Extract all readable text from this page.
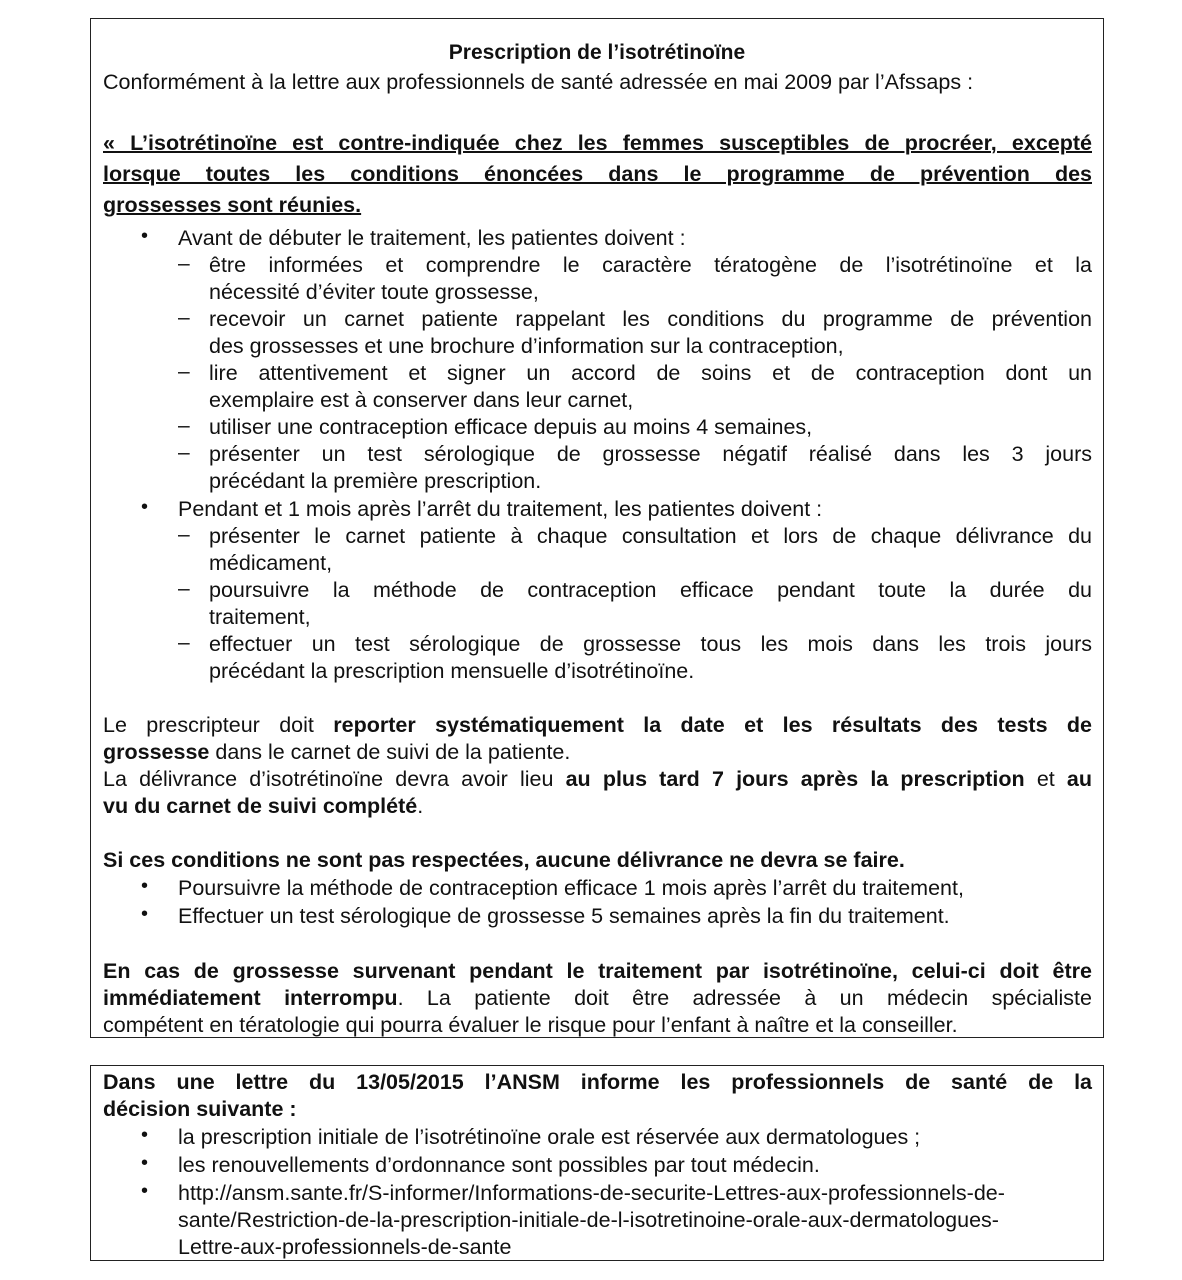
Prescription de l’isotrétinoïne
Conformément à la lettre aux professionnels de santé adressée en mai 2009 par l’Afssaps :
« L’isotrétinoïne est contre-indiquée chez les femmes susceptibles de procréer, excepté
lorsque toutes les conditions énoncées dans le programme de prévention des
grossesses sont réunies.
• Avant de débuter le traitement, les patientes doivent :
– être informées et comprendre le caractère tératogène de l’isotrétinoïne et la
nécessité d’éviter toute grossesse,
– recevoir un carnet patiente rappelant les conditions du programme de prévention
des grossesses et une brochure d’information sur la contraception,
– lire attentivement et signer un accord de soins et de contraception dont un
exemplaire est à conserver dans leur carnet,
– utiliser une contraception efficace depuis au moins 4 semaines,
– présenter un test sérologique de grossesse négatif réalisé dans les 3 jours
précédant la première prescription.
• Pendant et 1 mois après l’arrêt du traitement, les patientes doivent :
– présenter le carnet patiente à chaque consultation et lors de chaque délivrance du
médicament,
– poursuivre la méthode de contraception efficace pendant toute la durée du
traitement,
– effectuer un test sérologique de grossesse tous les mois dans les trois jours
précédant la prescription mensuelle d’isotrétinoïne.
Le prescripteur doit reporter systématiquement la date et les résultats des tests de
grossesse dans le carnet de suivi de la patiente.
La délivrance d’isotrétinoïne devra avoir lieu au plus tard 7 jours après la prescription et au
vu du carnet de suivi complété.
Si ces conditions ne sont pas respectées, aucune délivrance ne devra se faire.
• Poursuivre la méthode de contraception efficace 1 mois après l’arrêt du traitement,
• Effectuer un test sérologique de grossesse 5 semaines après la fin du traitement.
En cas de grossesse survenant pendant le traitement par isotrétinoïne, celui-ci doit être
immédiatement interrompu. La patiente doit être adressée à un médecin spécialiste
compétent en tératologie qui pourra évaluer le risque pour l’enfant à naître et la conseiller.
Dans une lettre du 13/05/2015 l’ANSM informe les professionnels de santé de la
décision suivante :
• la prescription initiale de l’isotrétinoïne orale est réservée aux dermatologues ;
• les renouvellements d’ordonnance sont possibles par tout médecin.
• http://ansm.sante.fr/S-informer/Informations-de-securite-Lettres-aux-professionnels-de-
sante/Restriction-de-la-prescription-initiale-de-l-isotretinoine-orale-aux-dermatologues-
Lettre-aux-professionnels-de-sante
